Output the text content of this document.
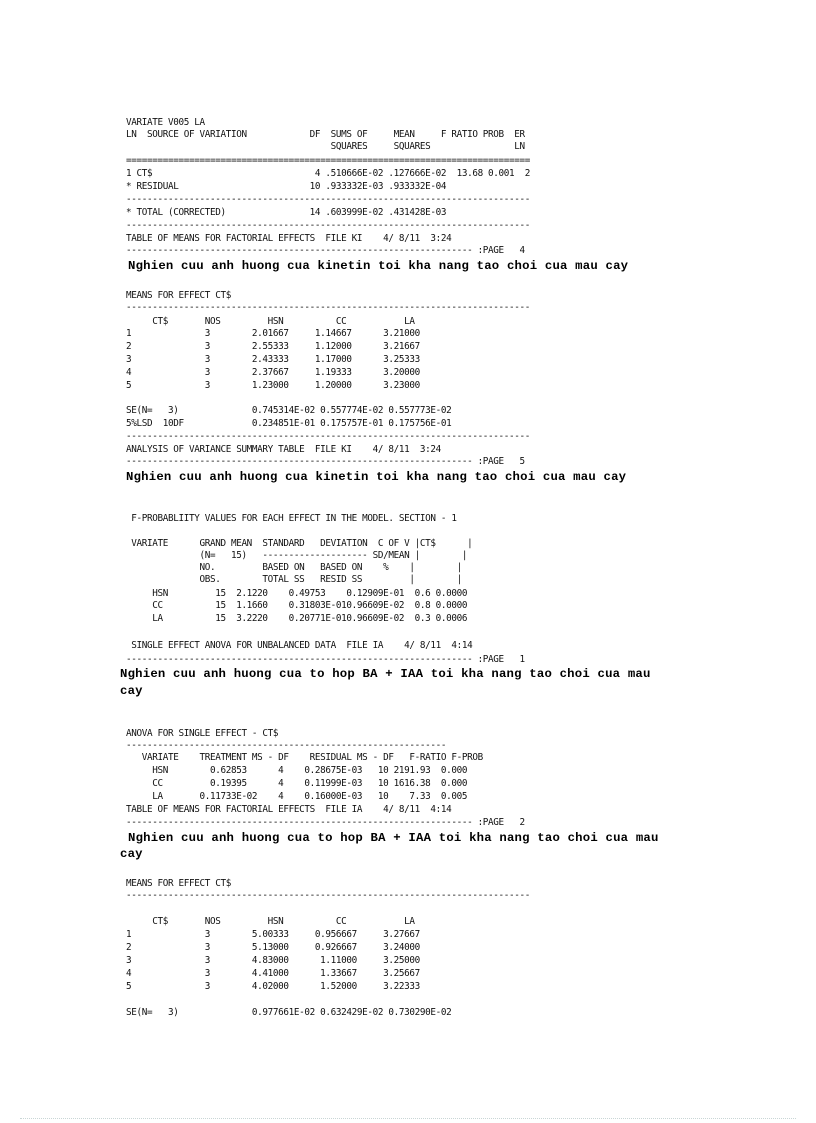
VARIATE V005 LA
LN  SOURCE OF VARIATION            DF  SUMS OF     MEAN     F RATIO PROB  ER
SQUARES     SQUARES                LN
=============================================================================
1 CT$                               4 .510666E-02 .127666E-02  13.68 0.001  2
* RESIDUAL                         10 .933332E-03 .933332E-04
-----------------------------------------------------------------------------
* TOTAL (CORRECTED)                14 .603999E-02 .431428E-03
-----------------------------------------------------------------------------
TABLE OF MEANS FOR FACTORIAL EFFECTS  FILE KI    4/ 8/11  3:24
------------------------------------------------------------------ :PAGE   4
MEANS FOR EFFECT CT$
-----------------------------------------------------------------------------
CT$       NOS         HSN          CC           LA
1              3        2.01667     1.14667      3.21000
2              3        2.55333     1.12000      3.21667
3              3        2.43333     1.17000      3.25333
4              3        2.37667     1.19333      3.20000
5              3        1.23000     1.20000      3.23000
SE(N=   3)              0.745314E-02 0.557774E-02 0.557773E-02
5%LSD  10DF             0.234851E-01 0.175757E-01 0.175756E-01
-----------------------------------------------------------------------------
ANALYSIS OF VARIANCE SUMMARY TABLE  FILE KI    4/ 8/11  3:24
------------------------------------------------------------------ :PAGE   5
F-PROBABLIITY VALUES FOR EACH EFFECT IN THE MODEL. SECTION - 1
VARIATE      GRAND MEAN  STANDARD   DEVIATION  C OF V |CT$      |
(N=   15)   -------------------- SD/MEAN |        |
NO.         BASED ON   BASED ON    %    |        |
OBS.        TOTAL SS   RESID SS         |        |
HSN         15  2.1220    0.49753    0.12909E-01  0.6 0.0000
CC          15  1.1660    0.31803E-010.96609E-02  0.8 0.0000
LA          15  3.2220    0.20771E-010.96609E-02  0.3 0.0006
SINGLE EFFECT ANOVA FOR UNBALANCED DATA  FILE IA    4/ 8/11  4:14
------------------------------------------------------------------ :PAGE   1
ANOVA FOR SINGLE EFFECT - CT$
-------------------------------------------------------------
VARIATE    TREATMENT MS - DF    RESIDUAL MS - DF   F-RATIO F-PROB
HSN        0.62853      4    0.28675E-03   10 2191.93  0.000
CC         0.19395      4    0.11999E-03   10 1616.38  0.000
LA       0.11733E-02    4    0.16000E-03   10    7.33  0.005
TABLE OF MEANS FOR FACTORIAL EFFECTS  FILE IA    4/ 8/11  4:14
------------------------------------------------------------------ :PAGE   2
MEANS FOR EFFECT CT$
-----------------------------------------------------------------------------
CT$       NOS         HSN          CC           LA
1              3        5.00333     0.956667     3.27667
2              3        5.13000     0.926667     3.24000
3              3        4.83000      1.11000     3.25000
4              3        4.41000      1.33667     3.25667
5              3        4.02000      1.52000     3.22333
SE(N=   3)              0.977661E-02 0.632429E-02 0.730290E-02
Nghien cuu anh huong cua kinetin toi kha nang tao choi cua mau cay
Nghien cuu anh huong cua kinetin toi kha nang tao choi cua mau cay
Nghien cuu anh huong cua to hop BA + IAA toi kha nang tao choi cua mau
cay
Nghien cuu anh huong cua to hop BA + IAA toi kha nang tao choi cua mau
cay
